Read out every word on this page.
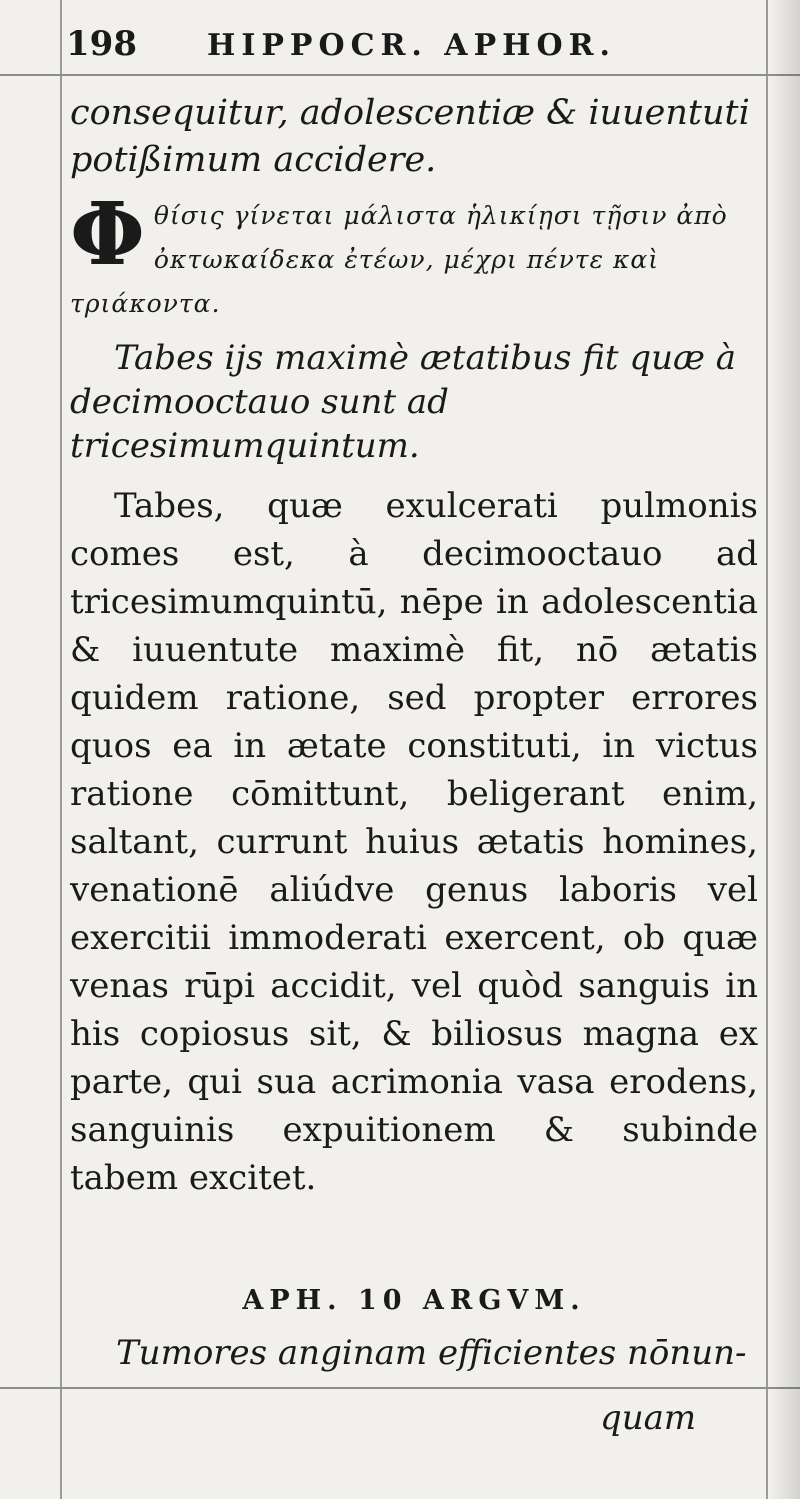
198 HIPPOCR. APHOR.

consequitur, adolescentiæ & iuuentuti potißimum accidere.

Φ θίσις γίνεται μάλιστα ἡλικίῃσι τῇσιν ἀπὸ ὀκτωκαίδεκα ἐτέων, μέχρι πέντε καὶ τριάκοντα.

Tabes ijs maximè ætatibus fit quæ à decimooctauo sunt ad tricesimumquintum.

Tabes, quæ exulcerati pulmonis comes est, à decimooctauo ad tricesimumquintū, nēpe in adolescentia & iuuentute maximè fit, nō ætatis quidem ratione, sed propter errores quos ea in ætate constituti, in victus ratione cōmittunt, beligerant enim, saltant, currunt huius ætatis homines, venationē aliúdve genus laboris vel exercitii immoderati exercent, ob quæ venas rūpi accidit, vel quòd sanguis in his copiosus sit, & biliosus magna ex parte, qui sua acrimonia vasa erodens, sanguinis expuitionem & subinde tabem excitet.

APH. 10 ARGVM.
Tumores anginam efficientes nōnun-
quam
